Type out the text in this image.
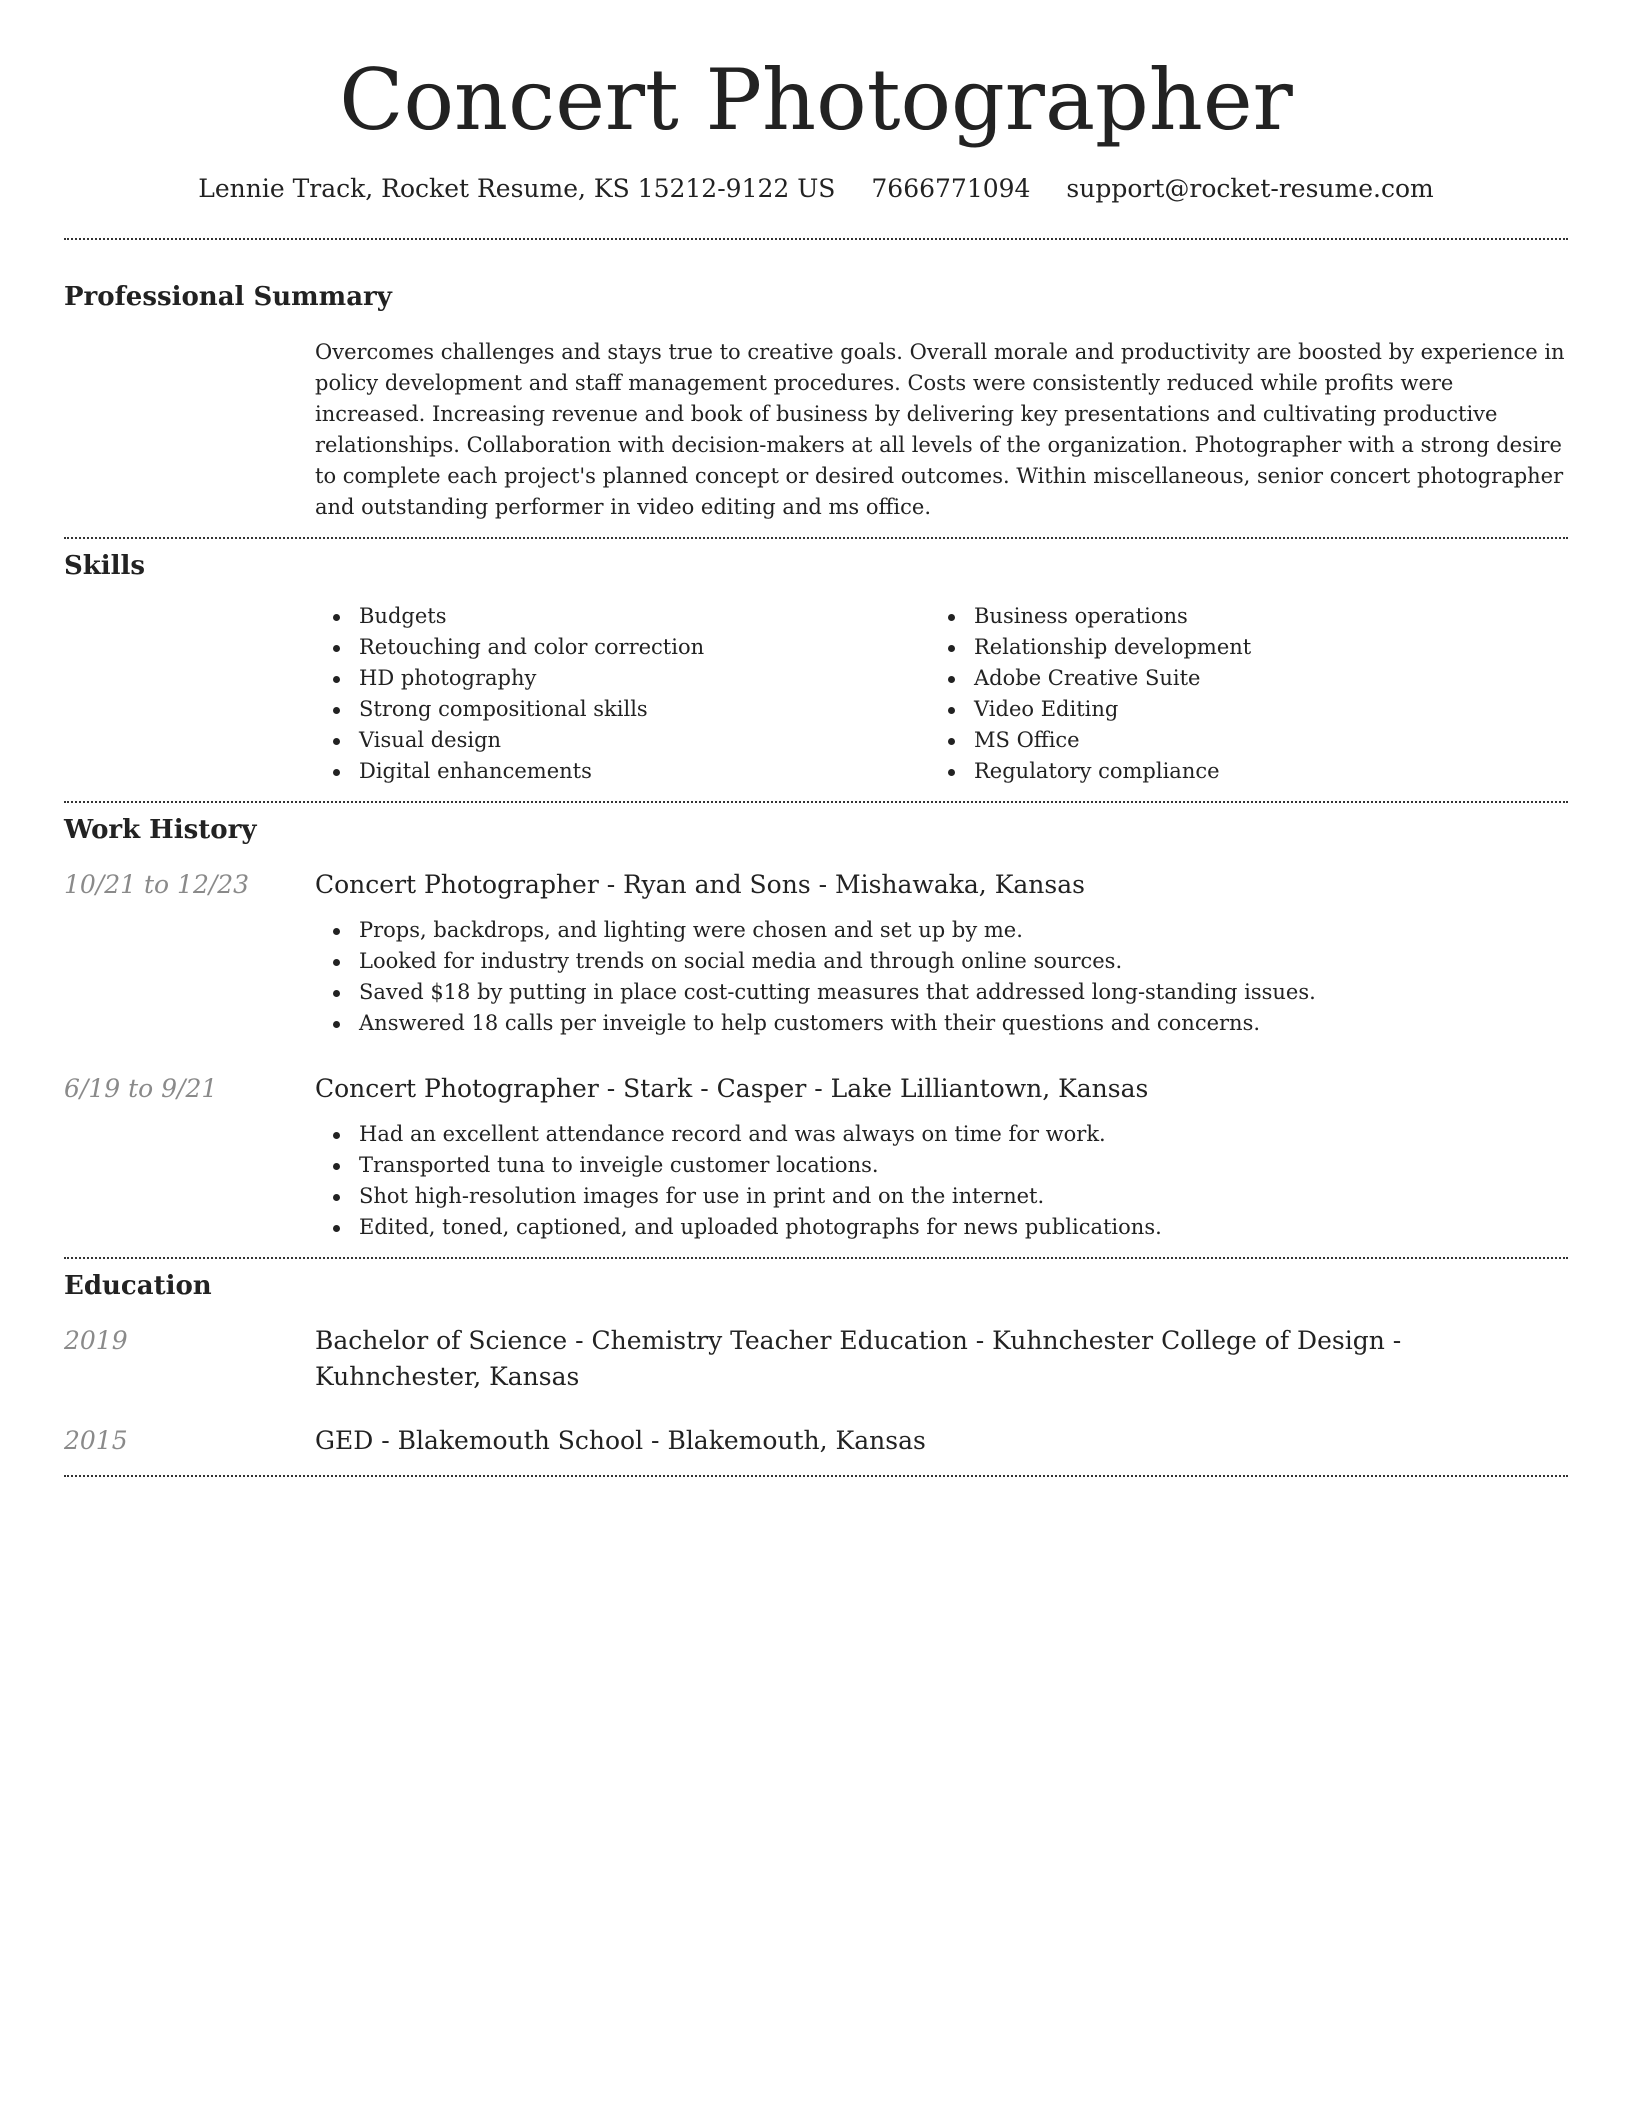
Concert Photographer
Lennie Track, Rocket Resume, KS 15212-9122 US 7666771094 support@rocket-resume.com
Professional Summary

Overcomes challenges and stays true to creative goals. Overall morale and productivity are boosted by experience in policy development and staff management procedures. Costs were consistently reduced while profits were increased. Increasing revenue and book of business by delivering key presentations and cultivating productive relationships. Collaboration with decision-makers at all levels of the organization. Photographer with a strong desire to complete each project's planned concept or desired outcomes. Within miscellaneous, senior concert photographer and outstanding performer in video editing and ms office.

Skills
Budgets
Retouching and color correction
HD photography
Strong compositional skills
Visual design
Digital enhancements
Business operations
Relationship development
Adobe Creative Suite
Video Editing
MS Office
Regulatory compliance
Work History
10/21 to 12/23	Concert Photographer - Ryan and Sons - Mishawaka, Kansas
Props, backdrops, and lighting were chosen and set up by me.
Looked for industry trends on social media and through online sources.
Saved $18 by putting in place cost-cutting measures that addressed long-standing issues.
Answered 18 calls per inveigle to help customers with their questions and concerns.
6/19 to 9/21	Concert Photographer - Stark - Casper - Lake Lilliantown, Kansas
Had an excellent attendance record and was always on time for work.
Transported tuna to inveigle customer locations.
Shot high-resolution images for use in print and on the internet.
Edited, toned, captioned, and uploaded photographs for news publications.
Education
2019	Bachelor of Science - Chemistry Teacher Education - Kuhnchester College of Design - Kuhnchester, Kansas
2015	GED - Blakemouth School - Blakemouth, Kansas
